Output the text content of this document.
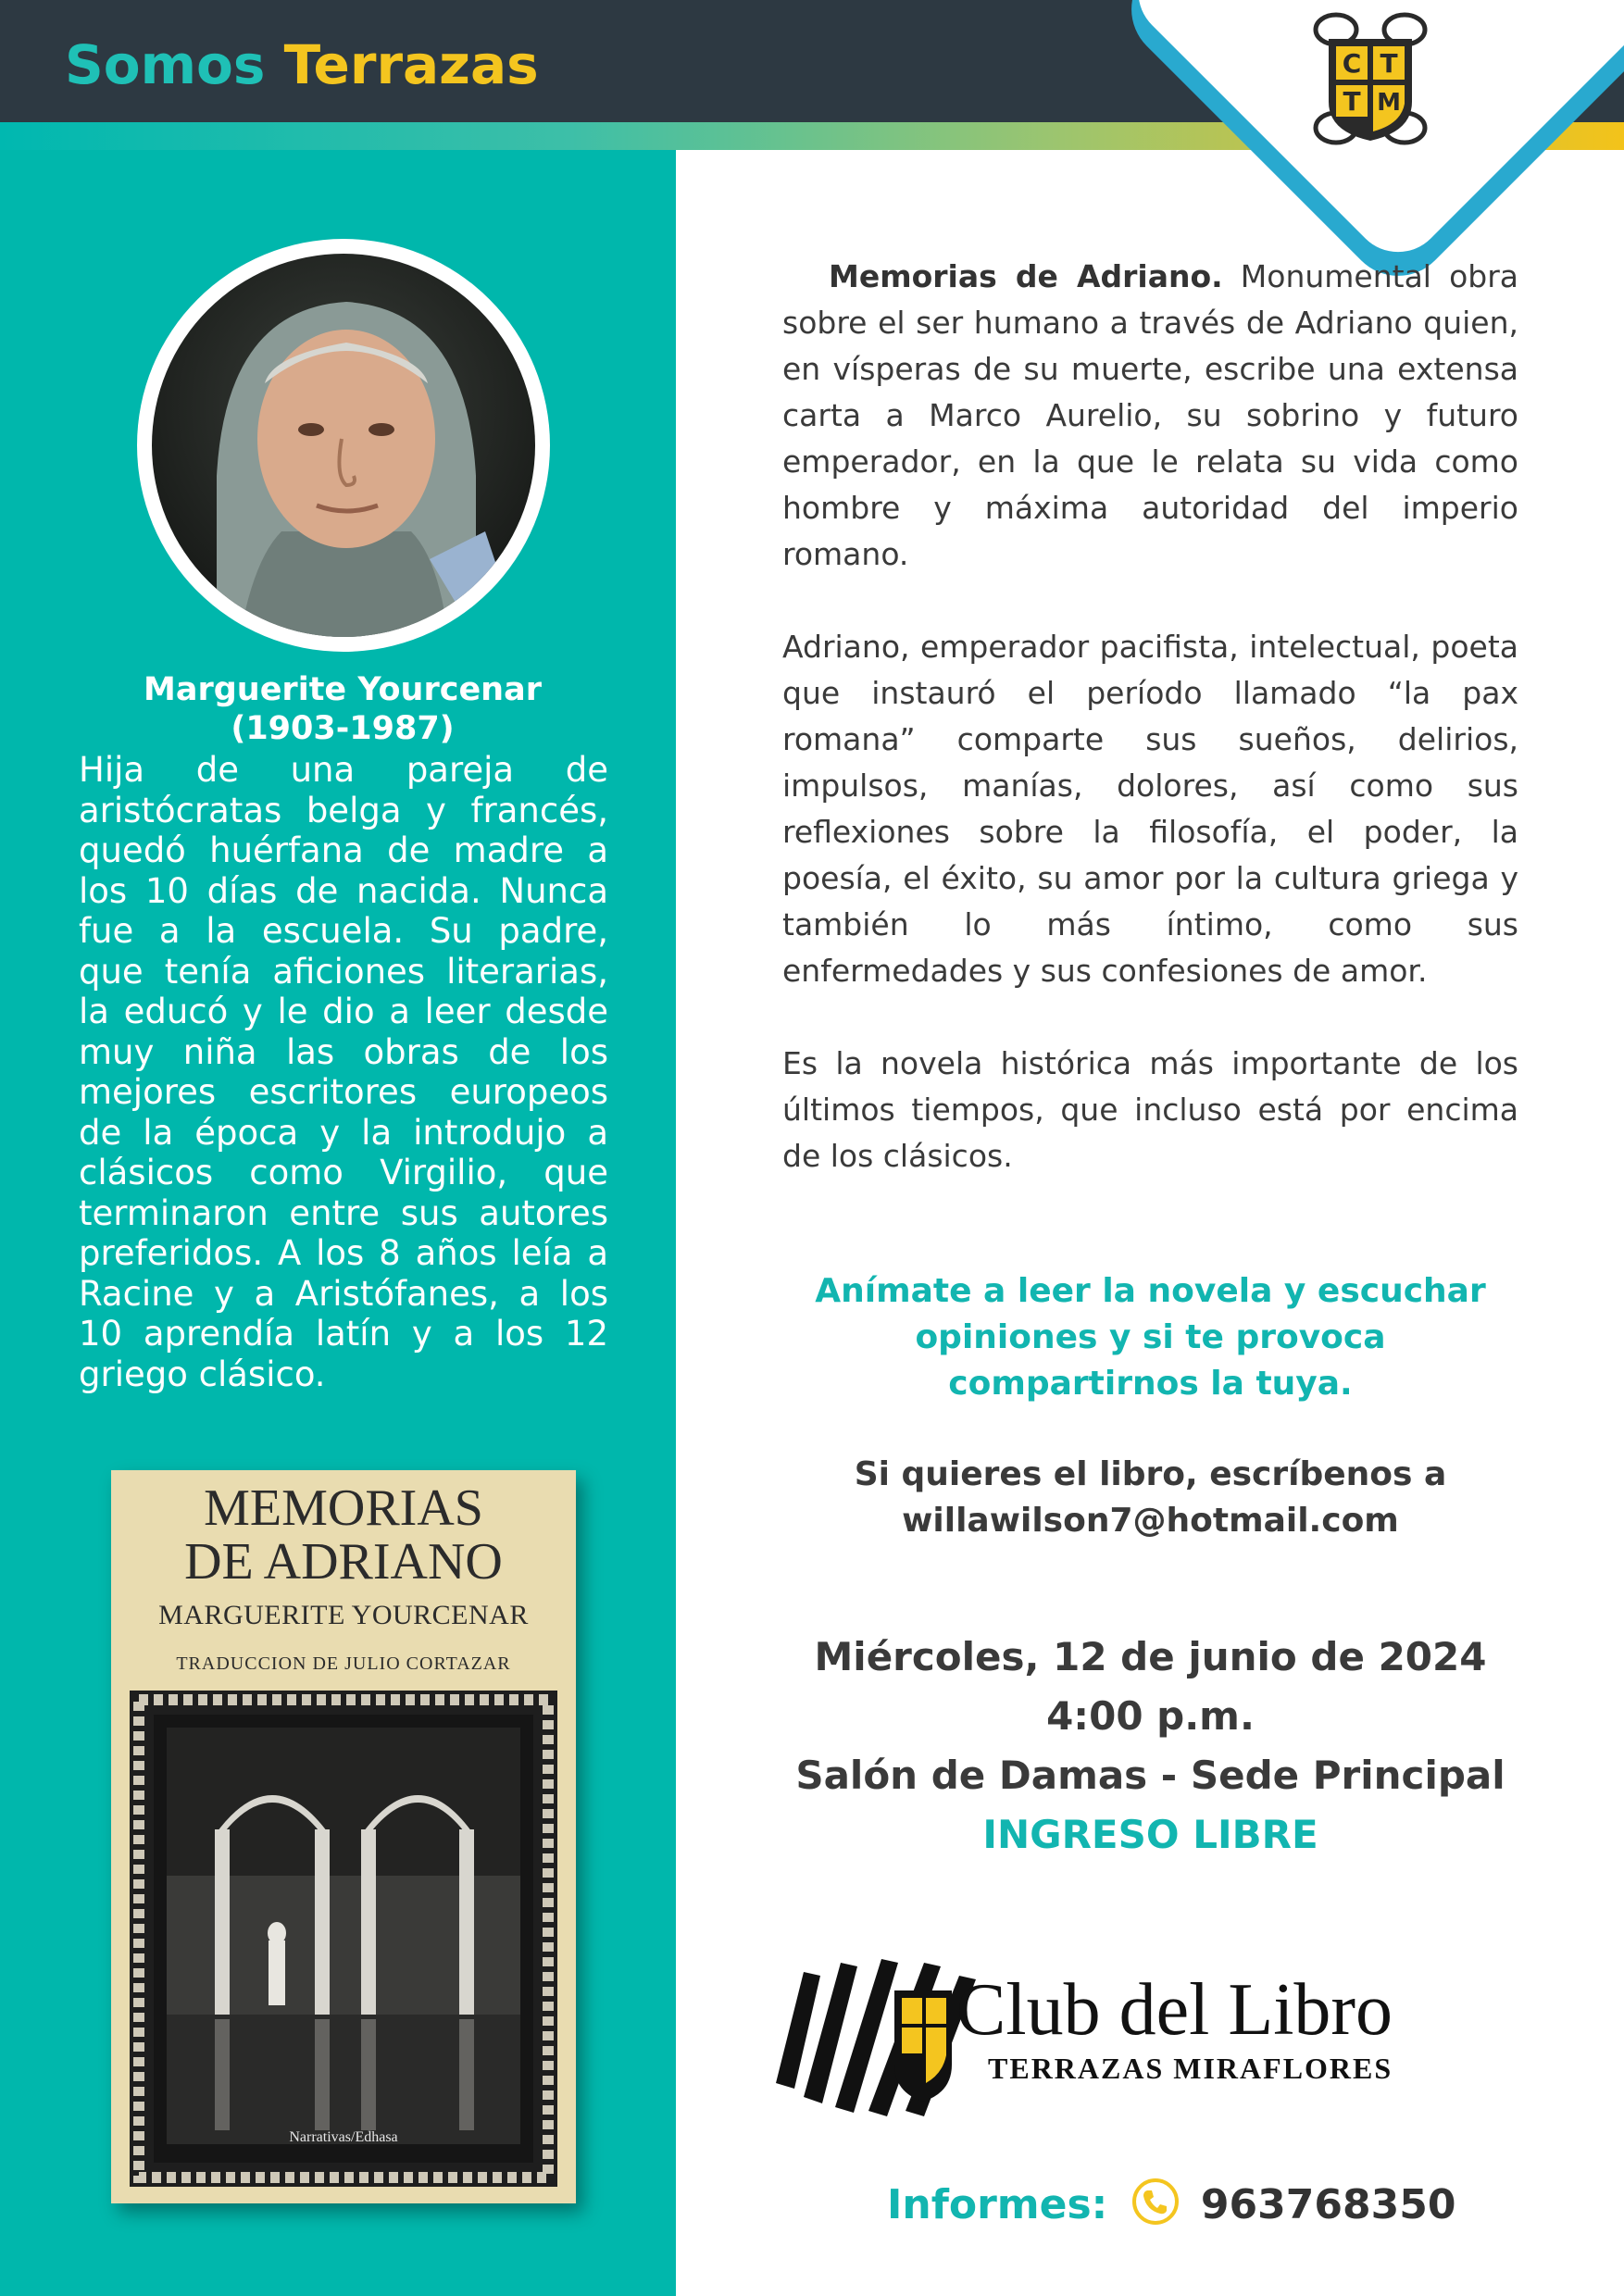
Somos Terrazas	C T
T M
Marguerite Yourcenar
(1903-1987)
Hija de una pareja de aristócratas belga y francés, quedó huérfana de madre a los 10 días de nacida. Nunca fue a la escuela. Su padre, que tenía aficiones literarias, la educó y le dio a leer desde muy niña las obras de los mejores escritores europeos de la época y la introdujo a clásicos como Virgilio, que terminaron entre sus autores preferidos. A los 8 años leía a Racine y a Aristófanes, a los 10 aprendía latín y a los 12 griego clásico.
MEMORIAS
DE ADRIANO
MARGUERITE YOURCENAR
TRADUCCION DE JULIO CORTAZAR
Narrativas/Edhasa
Memorias de Adriano. Monumental obra sobre el ser humano a través de Adriano quien, en vísperas de su muerte, escribe una extensa carta a Marco Aurelio, su sobrino y futuro emperador, en la que le relata su vida como hombre y máxima autoridad del imperio romano.
Adriano, emperador pacifista, intelectual, poeta que instauró el período llamado “la pax romana” comparte sus sueños, delirios, impulsos, manías, dolores, así como sus reflexiones sobre la filosofía, el poder, la poesía, el éxito, su amor por la cultura griega y también lo más íntimo, como sus enfermedades y sus confesiones de amor.
Es la novela histórica más importante de los últimos tiempos, que incluso está por encima de los clásicos.
Anímate a leer la novela y escuchar
opiniones y si te provoca
compartirnos la tuya.
Si quieres el libro, escríbenos a
willawilson7@hotmail.com
Miércoles, 12 de junio de 2024
4:00 p.m.
Salón de Damas - Sede Principal
INGRESO LIBRE
Club del Libro
TERRAZAS MIRAFLORES
Informes: 963768350
